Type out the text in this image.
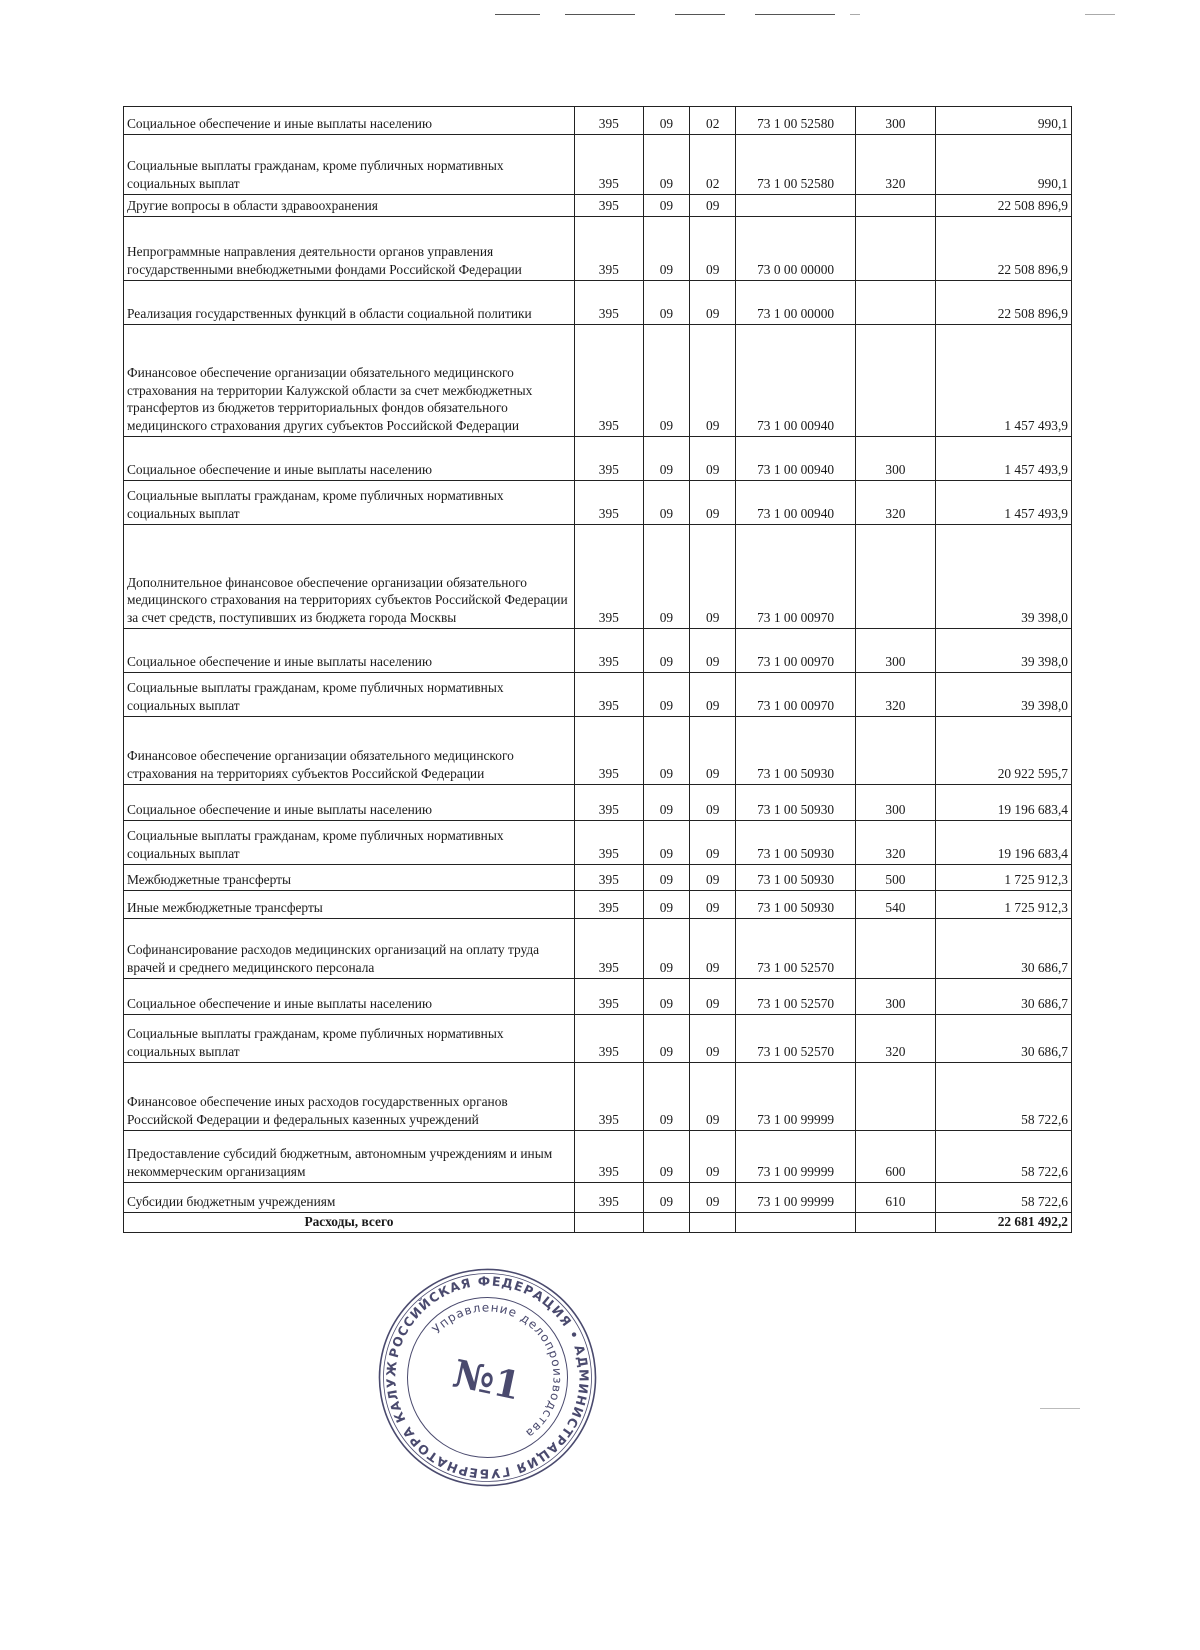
Социальное обеспечение и иные выплаты населению	395	09	02	73 1 00 52580	300	990,1
Социальные выплаты гражданам, кроме публичных нормативных социальных выплат	395	09	02	73 1 00 52580	320	990,1
Другие вопросы в области здравоохранения	395	09	09			22 508 896,9
Непрограммные направления деятельности органов управления государственными внебюджетными фондами Российской Федерации	395	09	09	73 0 00 00000		22 508 896,9
Реализация государственных функций в области социальной политики	395	09	09	73 1 00 00000		22 508 896,9
Финансовое обеспечение организации обязательного медицинского страхования на территории Калужской области за счет межбюджетных трансфертов из бюджетов территориальных фондов обязательного медицинского страхования других субъектов Российской Федерации	395	09	09	73 1 00 00940		1 457 493,9
Социальное обеспечение и иные выплаты населению	395	09	09	73 1 00 00940	300	1 457 493,9
Социальные выплаты гражданам, кроме публичных нормативных социальных выплат	395	09	09	73 1 00 00940	320	1 457 493,9
Дополнительное финансовое обеспечение организации обязательного медицинского страхования на территориях субъектов Российской Федерации за счет средств, поступивших из бюджета города Москвы	395	09	09	73 1 00 00970		39 398,0
Социальное обеспечение и иные выплаты населению	395	09	09	73 1 00 00970	300	39 398,0
Социальные выплаты гражданам, кроме публичных нормативных социальных выплат	395	09	09	73 1 00 00970	320	39 398,0
Финансовое обеспечение организации обязательного медицинского страхования на территориях субъектов Российской Федерации	395	09	09	73 1 00 50930		20 922 595,7
Социальное обеспечение и иные выплаты населению	395	09	09	73 1 00 50930	300	19 196 683,4
Социальные выплаты гражданам, кроме публичных нормативных социальных выплат	395	09	09	73 1 00 50930	320	19 196 683,4
Межбюджетные трансферты	395	09	09	73 1 00 50930	500	1 725 912,3
Иные межбюджетные трансферты	395	09	09	73 1 00 50930	540	1 725 912,3
Софинансирование расходов медицинских организаций на оплату труда врачей и среднего медицинского персонала	395	09	09	73 1 00 52570		30 686,7
Социальное обеспечение и иные выплаты населению	395	09	09	73 1 00 52570	300	30 686,7
Социальные выплаты гражданам, кроме публичных нормативных социальных выплат	395	09	09	73 1 00 52570	320	30 686,7
Финансовое обеспечение иных расходов государственных органов Российской Федерации и федеральных казенных учреждений	395	09	09	73 1 00 99999		58 722,6
Предоставление субсидий бюджетным, автономным учреждениям и иным некоммерческим организациям	395	09	09	73 1 00 99999	600	58 722,6
Субсидии бюджетным учреждениям	395	09	09	73 1 00 99999	610	58 722,6
Расходы, всего						22 681 492,2
РОССИЙСКАЯ ФЕДЕРАЦИЯ • АДМИНИСТРАЦИЯ ГУБЕРНАТОРА КАЛУЖСКОЙ
Управление делопроизводства
№1
